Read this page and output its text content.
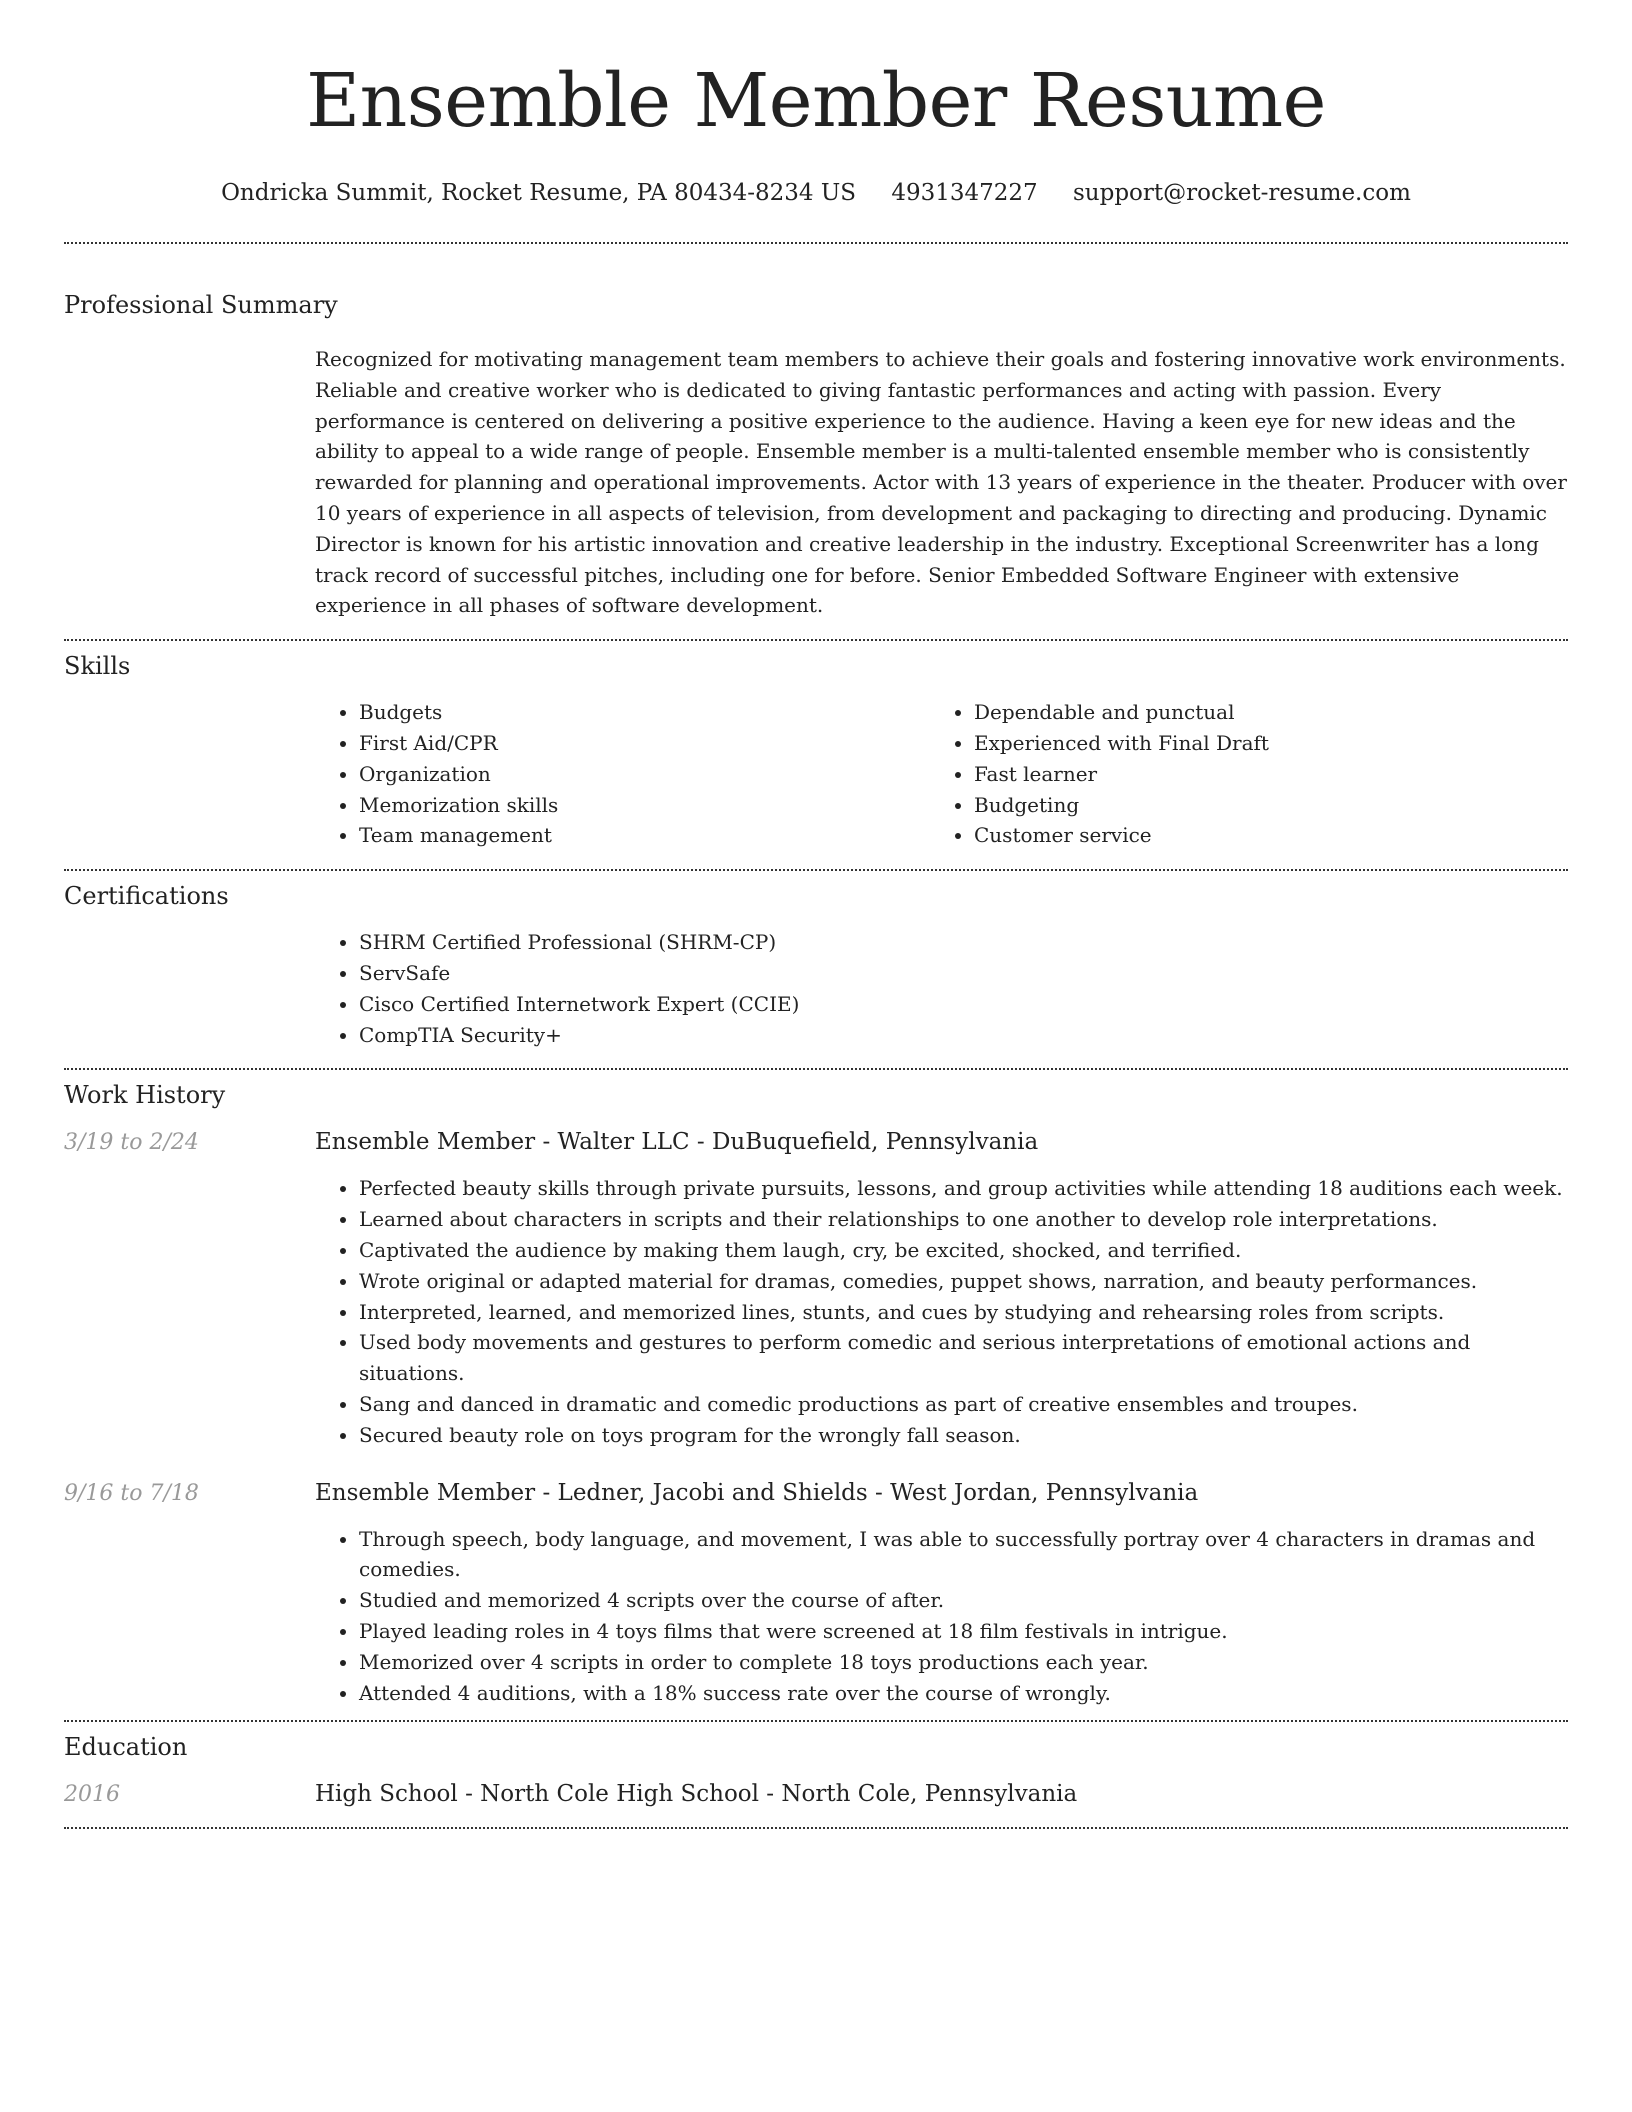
Ensemble Member Resume
Ondricka Summit, Rocket Resume, PA 80434-8234 US 4931347227 support@rocket-resume.com
Professional Summary
Recognized for motivating management team members to achieve their goals and fostering innovative work environments. Reliable and creative worker who is dedicated to giving fantastic performances and acting with passion. Every performance is centered on delivering a positive experience to the audience. Having a keen eye for new ideas and the ability to appeal to a wide range of people. Ensemble member is a multi-talented ensemble member who is consistently rewarded for planning and operational improvements. Actor with 13 years of experience in the theater. Producer with over 10 years of experience in all aspects of television, from development and packaging to directing and producing. Dynamic Director is known for his artistic innovation and creative leadership in the industry. Exceptional Screenwriter has a long track record of successful pitches, including one for before. Senior Embedded Software Engineer with extensive experience in all phases of software development.
Skills
• Budgets
• First Aid/CPR
• Organization
• Memorization skills
• Team management
• Dependable and punctual
• Experienced with Final Draft
• Fast learner
• Budgeting
• Customer service
Certifications
• SHRM Certified Professional (SHRM-CP)
• ServSafe
• Cisco Certified Internetwork Expert (CCIE)
• CompTIA Security+
Work History
3/19 to 2/24	Ensemble Member - Walter LLC - DuBuquefield, Pennsylvania
• Perfected beauty skills through private pursuits, lessons, and group activities while attending 18 auditions each week.
• Learned about characters in scripts and their relationships to one another to develop role interpretations.
• Captivated the audience by making them laugh, cry, be excited, shocked, and terrified.
• Wrote original or adapted material for dramas, comedies, puppet shows, narration, and beauty performances.
• Interpreted, learned, and memorized lines, stunts, and cues by studying and rehearsing roles from scripts.
• Used body movements and gestures to perform comedic and serious interpretations of emotional actions and situations.
• Sang and danced in dramatic and comedic productions as part of creative ensembles and troupes.
• Secured beauty role on toys program for the wrongly fall season.
9/16 to 7/18	Ensemble Member - Ledner, Jacobi and Shields - West Jordan, Pennsylvania
• Through speech, body language, and movement, I was able to successfully portray over 4 characters in dramas and comedies.
• Studied and memorized 4 scripts over the course of after.
• Played leading roles in 4 toys films that were screened at 18 film festivals in intrigue.
• Memorized over 4 scripts in order to complete 18 toys productions each year.
• Attended 4 auditions, with a 18% success rate over the course of wrongly.
Education
2016	High School - North Cole High School - North Cole, Pennsylvania
